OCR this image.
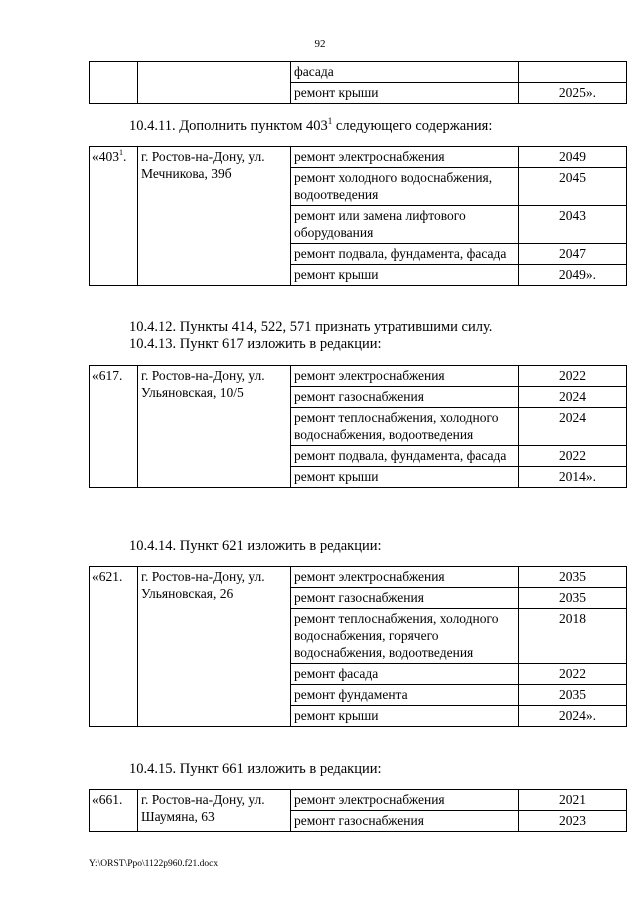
92
		фасада	
		ремонт крыши	2025».
10.4.11. Дополнить пунктом $403^1$ следующего содержания:
«$403^1$.	г. Ростов-на-Дону, ул. Мечникова, 39б	ремонт электроснабжения	2049
		ремонт холодного водоснабжения, водоотведения	2045
		ремонт или замена лифтового оборудования	2043
		ремонт подвала, фундамента, фасада	2047
		ремонт крыши	2049».
10.4.12. Пункты 414, 522, 571 признать утратившими силу.
10.4.13. Пункт 617 изложить в редакции:
«617.	г. Ростов-на-Дону, ул. Ульяновская, 10/5	ремонт электроснабжения	2022
		ремонт газоснабжения	2024
		ремонт теплоснабжения, холодного водоснабжения, водоотведения	2024
		ремонт подвала, фундамента, фасада	2022
		ремонт крыши	2014».
10.4.14. Пункт 621 изложить в редакции:
«621.	г. Ростов-на-Дону, ул. Ульяновская, 26	ремонт электроснабжения	2035
		ремонт газоснабжения	2035
		ремонт теплоснабжения, холодного водоснабжения, горячего водоснабжения, водоотведения	2018
		ремонт фасада	2022
		ремонт фундамента	2035
		ремонт крыши	2024».
10.4.15. Пункт 661 изложить в редакции:
«661.	г. Ростов-на-Дону, ул. Шаумяна, 63	ремонт электроснабжения	2021
		ремонт газоснабжения	2023
Y:\ORST\Ppo\1122p960.f21.docx
